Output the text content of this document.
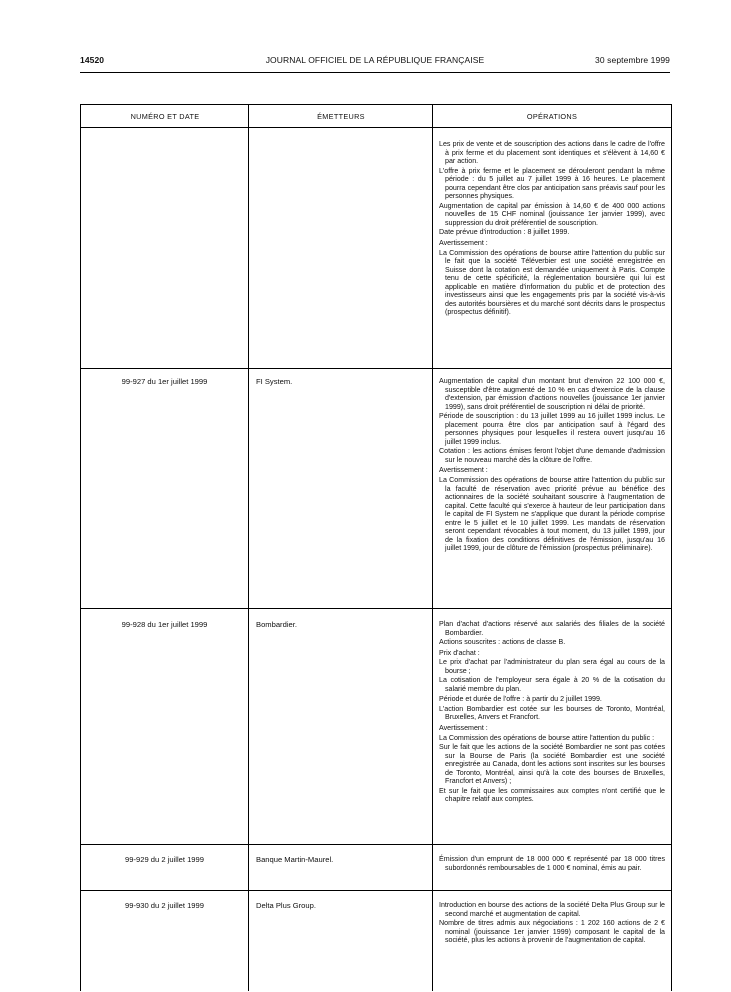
14520	JOURNAL OFFICIEL DE LA RÉPUBLIQUE FRANÇAISE	30 septembre 1999
NUMÉRO ET DATE	ÉMETTEURS	OPÉRATIONS

Les prix de vente et de souscription des actions dans le cadre de l'offre à prix ferme et du placement sont identiques et s'élèvent à 14,60 € par action.

L'offre à prix ferme et le placement se dérouleront pendant la même période : du 5 juillet au 7 juillet 1999 à 16 heures. Le placement pourra cependant être clos par anticipation sans préavis sauf pour les personnes physiques.

Augmentation de capital par émission à 14,60 € de 400 000 actions nouvelles de 15 CHF nominal (jouissance 1er janvier 1999), avec suppression du droit préférentiel de souscription.

Date prévue d'introduction : 8 juillet 1999.

Avertissement :

La Commission des opérations de bourse attire l'attention du public sur le fait que la société Téléverbier est une société enregistrée en Suisse dont la cotation est demandée uniquement à Paris. Compte tenu de cette spécificité, la réglementation boursière qui lui est applicable en matière d'information du public et de protection des investisseurs ainsi que les engagements pris par la société vis-à-vis des autorités boursières et du marché sont décrits dans le prospectus (prospectus définitif).

99-927 du 1er juillet 1999	FI System.	Augmentation de capital d'un montant brut d'environ 22 100 000 €, susceptible d'être augmenté de 10 % en cas d'exercice de la clause d'extension, par émission d'actions nouvelles (jouissance 1er janvier 1999), sans droit préférentiel de souscription ni délai de priorité.

Période de souscription : du 13 juillet 1999 au 16 juillet 1999 inclus. Le placement pourra être clos par anticipation sauf à l'égard des personnes physiques pour lesquelles il restera ouvert jusqu'au 16 juillet 1999 inclus.

Cotation : les actions émises feront l'objet d'une demande d'admission sur le nouveau marché dès la clôture de l'offre.

Avertissement :

La Commission des opérations de bourse attire l'attention du public sur la faculté de réservation avec priorité prévue au bénéfice des actionnaires de la société souhaitant souscrire à l'augmentation de capital. Cette faculté qui s'exerce à hauteur de leur participation dans le capital de FI System ne s'applique que durant la période comprise entre le 5 juillet et le 10 juillet 1999. Les mandats de réservation seront cependant révocables à tout moment, du 13 juillet 1999, jour de la fixation des conditions définitives de l'émission, jusqu'au 16 juillet 1999, jour de clôture de l'émission (prospectus préliminaire).

99-928 du 1er juillet 1999	Bombardier.	Plan d'achat d'actions réservé aux salariés des filiales de la société Bombardier.

Actions souscrites : actions de classe B.

Prix d'achat :

Le prix d'achat par l'administrateur du plan sera égal au cours de la bourse ;

La cotisation de l'employeur sera égale à 20 % de la cotisation du salarié membre du plan.

Période et durée de l'offre : à partir du 2 juillet 1999.

L'action Bombardier est cotée sur les bourses de Toronto, Montréal, Bruxelles, Anvers et Francfort.

Avertissement :

La Commission des opérations de bourse attire l'attention du public :

Sur le fait que les actions de la société Bombardier ne sont pas cotées sur la Bourse de Paris (la société Bombardier est une société enregistrée au Canada, dont les actions sont inscrites sur les bourses de Toronto, Montréal, ainsi qu'à la cote des bourses de Bruxelles, Francfort et Anvers) ;

Et sur le fait que les commissaires aux comptes n'ont certifié que le chapitre relatif aux comptes.

99-929 du 2 juillet 1999	Banque Martin-Maurel.	Émission d'un emprunt de 18 000 000 € représenté par 18 000 titres subordonnés remboursables de 1 000 € nominal, émis au pair.

99-930 du 2 juillet 1999	Delta Plus Group.	Introduction en bourse des actions de la société Delta Plus Group sur le second marché et augmentation de capital.

Nombre de titres admis aux négociations : 1 202 160 actions de 2 € nominal (jouissance 1er janvier 1999) composant le capital de la société, plus les actions à provenir de l'augmentation de capital.
